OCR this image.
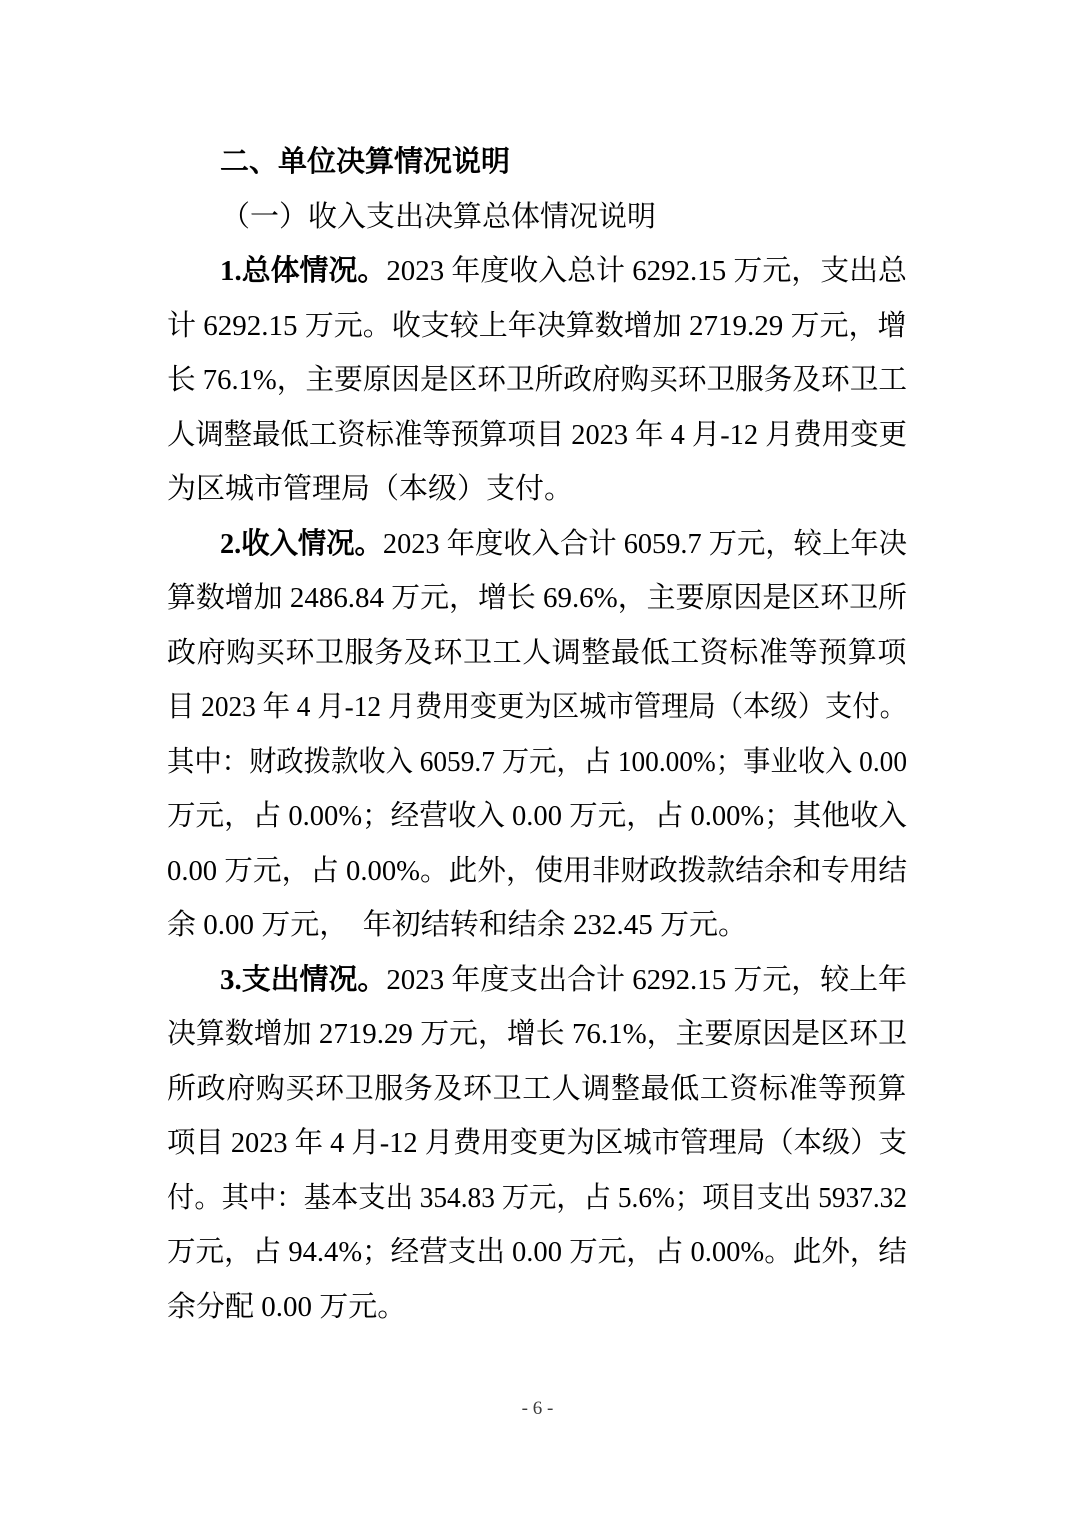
二、单位决算情况说明
（一）收入支出决算总体情况说明
1.总体情况。2023 年度收入总计 6292.15 万元，支出总
计 6292.15 万元。收支较上年决算数增加 2719.29 万元，增
长 76.1%，主要原因是区环卫所政府购买环卫服务及环卫工
人调整最低工资标准等预算项目 2023 年 4 月-12 月费用变更
为区城市管理局（本级）支付。
2.收入情况。2023 年度收入合计 6059.7 万元，较上年决
算数增加 2486.84 万元，增长 69.6%，主要原因是区环卫所
政府购买环卫服务及环卫工人调整最低工资标准等预算项
目 2023 年 4 月-12 月费用变更为区城市管理局（本级）支付。
其中：财政拨款收入 6059.7 万元，占 100.00%；事业收入 0.00
万元，占 0.00%；经营收入 0.00 万元，占 0.00%；其他收入
0.00 万元，占 0.00%。此外，使用非财政拨款结余和专用结
余 0.00 万元，  年初结转和结余 232.45 万元。
3.支出情况。2023 年度支出合计 6292.15 万元，较上年
决算数增加 2719.29 万元，增长 76.1%，主要原因是区环卫
所政府购买环卫服务及环卫工人调整最低工资标准等预算
项目 2023 年 4 月-12 月费用变更为区城市管理局（本级）支
付。其中：基本支出 354.83 万元，占 5.6%；项目支出 5937.32
万元，占 94.4%；经营支出 0.00 万元，占 0.00%。此外，结
余分配 0.00 万元。
- 6 -
